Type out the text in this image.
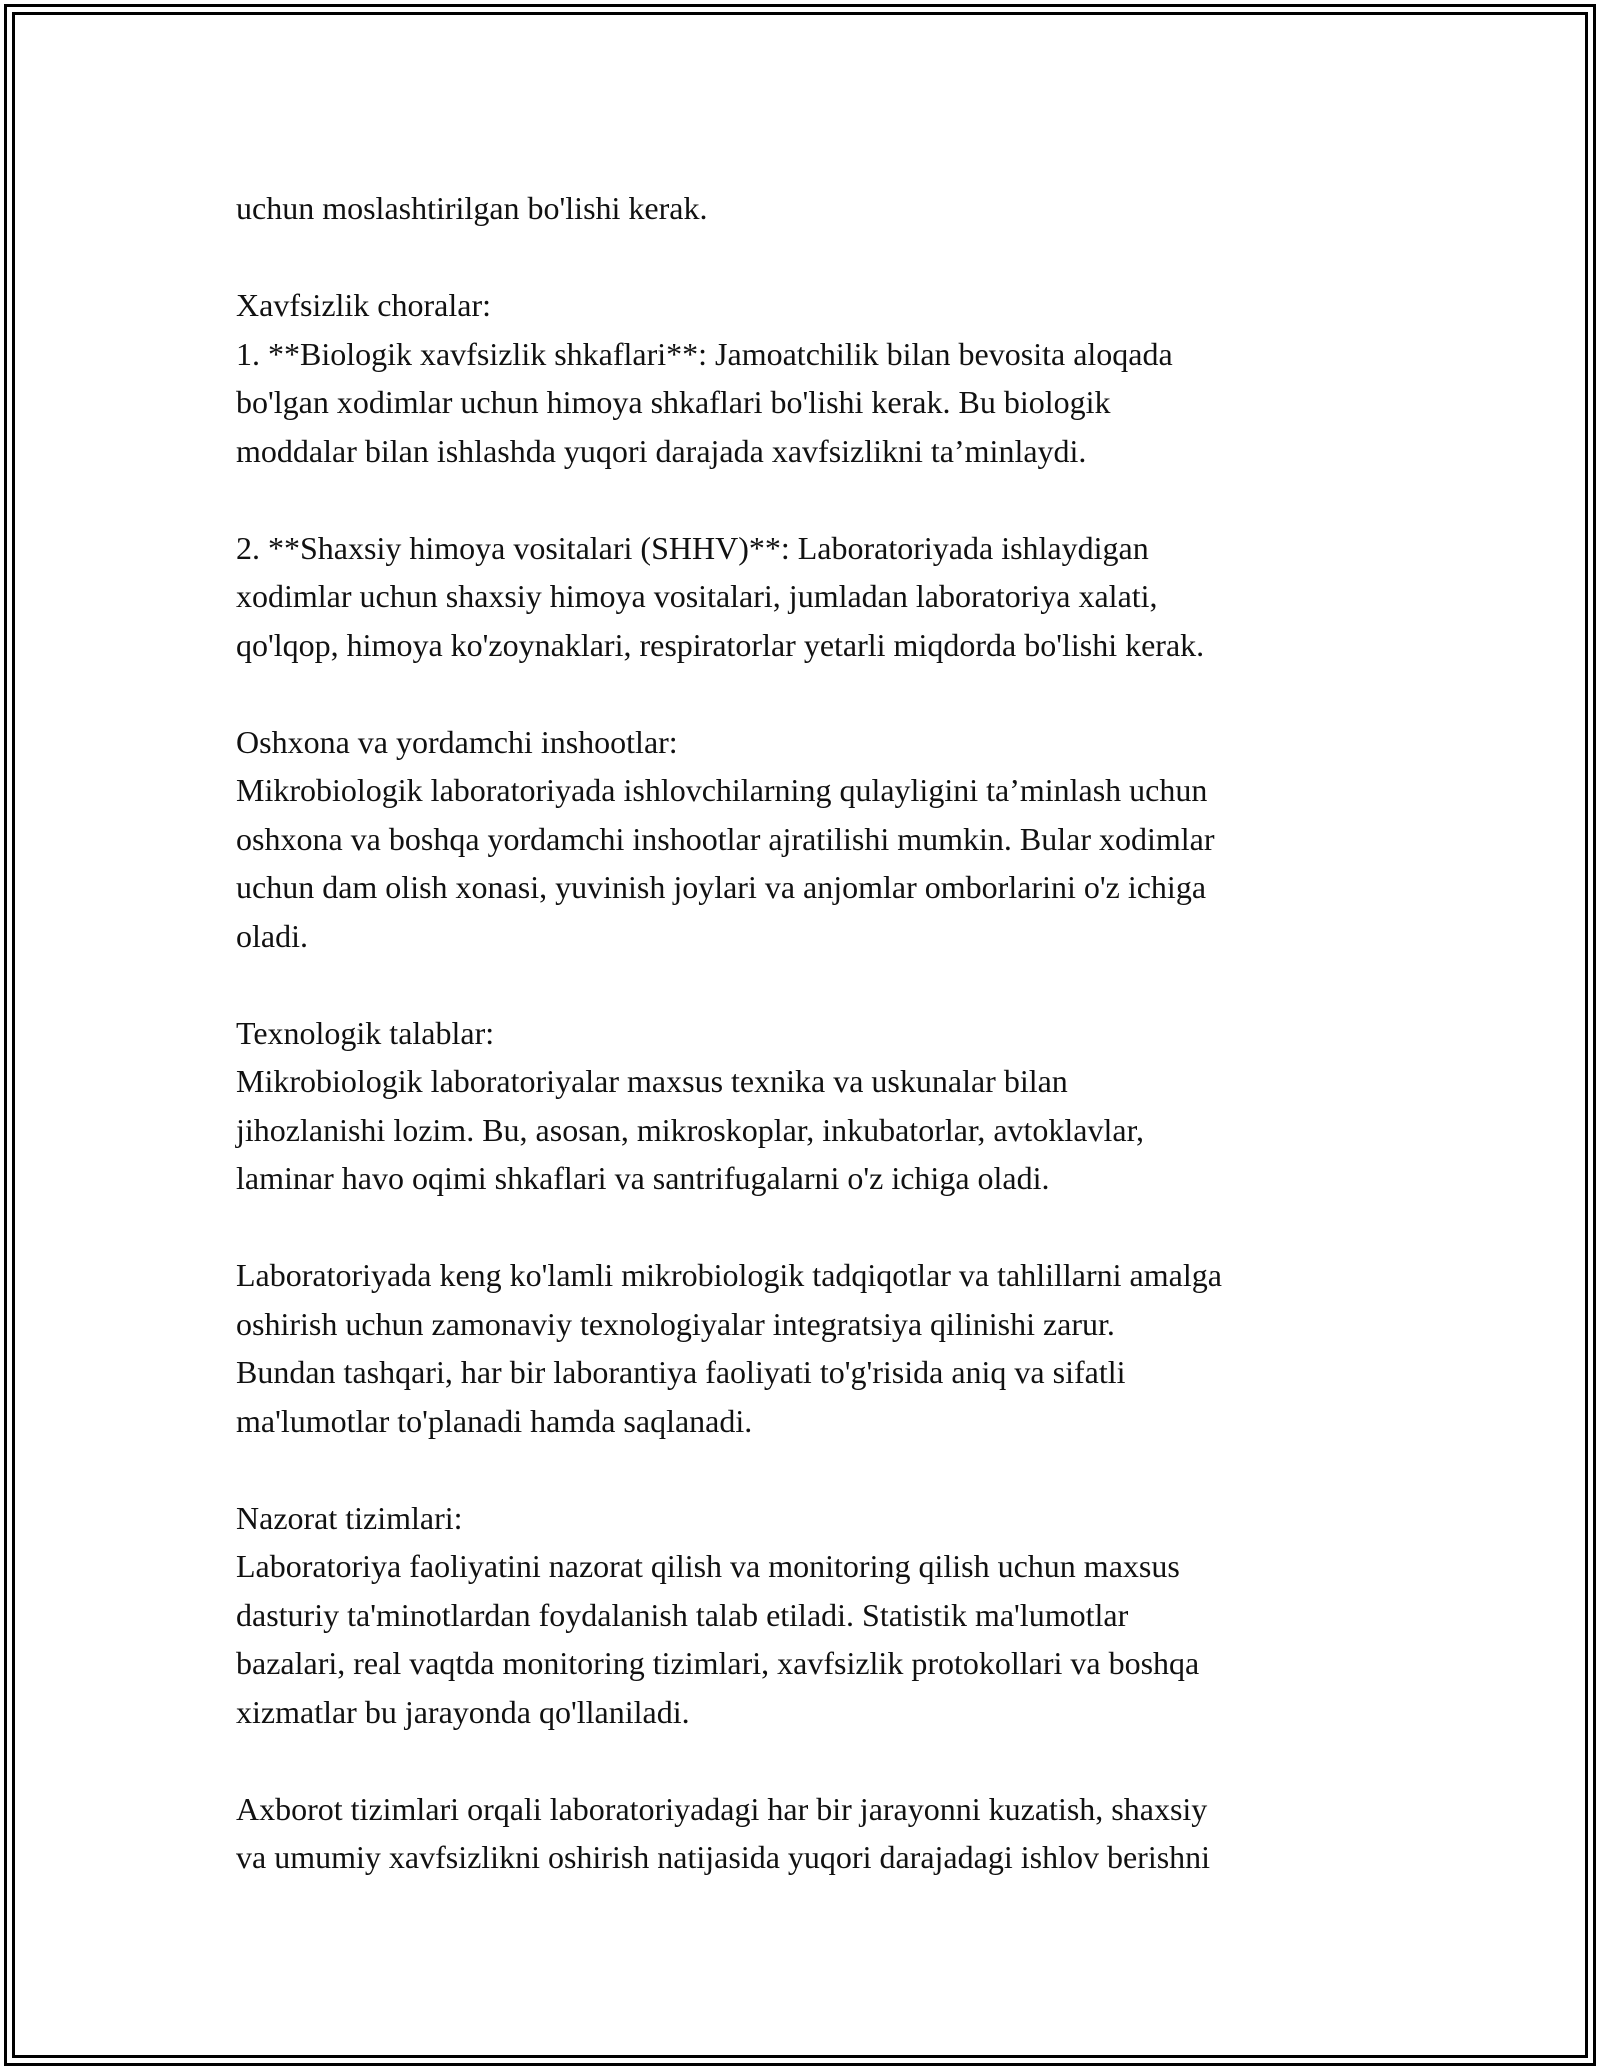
uchun moslashtirilgan bo'lishi kerak.
Xavfsizlik choralar:
1. **Biologik xavfsizlik shkaflari**: Jamoatchilik bilan bevosita aloqada
bo'lgan xodimlar uchun himoya shkaflari bo'lishi kerak. Bu biologik
moddalar bilan ishlashda yuqori darajada xavfsizlikni ta’minlaydi.
2. **Shaxsiy himoya vositalari (SHHV)**: Laboratoriyada ishlaydigan
xodimlar uchun shaxsiy himoya vositalari, jumladan laboratoriya xalati,
qo'lqop, himoya ko'zoynaklari, respiratorlar yetarli miqdorda bo'lishi kerak.
Oshxona va yordamchi inshootlar:
Mikrobiologik laboratoriyada ishlovchilarning qulayligini ta’minlash uchun
oshxona va boshqa yordamchi inshootlar ajratilishi mumkin. Bular xodimlar
uchun dam olish xonasi, yuvinish joylari va anjomlar omborlarini o'z ichiga
oladi.
Texnologik talablar:
Mikrobiologik laboratoriyalar maxsus texnika va uskunalar bilan
jihozlanishi lozim. Bu, asosan, mikroskoplar, inkubatorlar, avtoklavlar,
laminar havo oqimi shkaflari va santrifugalarni o'z ichiga oladi.
Laboratoriyada keng ko'lamli mikrobiologik tadqiqotlar va tahlillarni amalga
oshirish uchun zamonaviy texnologiyalar integratsiya qilinishi zarur.
Bundan tashqari, har bir laborantiya faoliyati to'g'risida aniq va sifatli
ma'lumotlar to'planadi hamda saqlanadi.
Nazorat tizimlari:
Laboratoriya faoliyatini nazorat qilish va monitoring qilish uchun maxsus
dasturiy ta'minotlardan foydalanish talab etiladi. Statistik ma'lumotlar
bazalari, real vaqtda monitoring tizimlari, xavfsizlik protokollari va boshqa
xizmatlar bu jarayonda qo'llaniladi.
Axborot tizimlari orqali laboratoriyadagi har bir jarayonni kuzatish, shaxsiy
va umumiy xavfsizlikni oshirish natijasida yuqori darajadagi ishlov berishni
